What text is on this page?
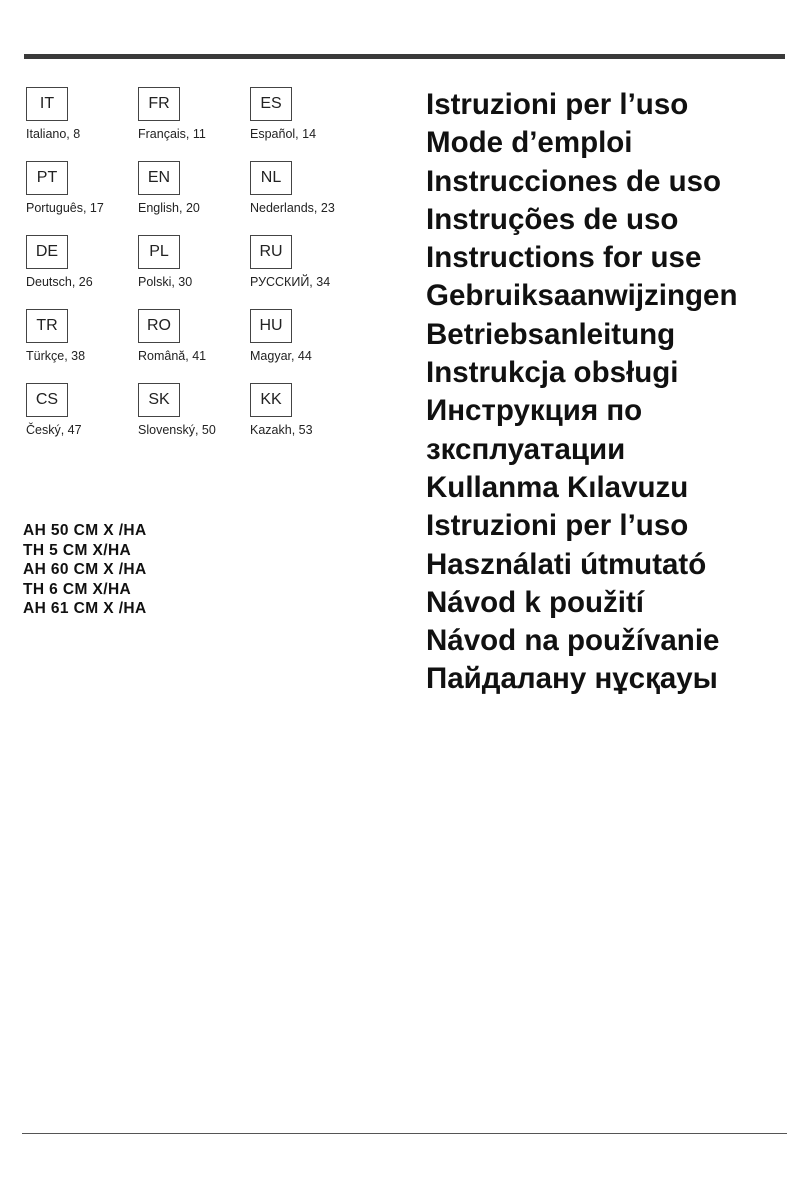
IT
Italiano, 8
FR
Français, 11
ES
Español, 14
PT
Português, 17
EN
English, 20
NL
Nederlands, 23
DE
Deutsch, 26
PL
Polski, 30
RU
РУССКИЙ, 34
TR
Türkçe, 38
RO
Română, 41
HU
Magyar, 44
CS
Český, 47
SK
Slovenský, 50
KK
Kazakh, 53
AH 50 CM X /HA
TH 5 CM X/HA
AH 60 CM X /HA
TH 6 CM X/HA
AH 61 CM X /HA
Istruzioni per l’uso
Mode d’emploi
Instrucciones de uso
Instruções de uso
Instructions for use
Gebruiksaanwijzingen
Betriebsanleitung
Instrukcja obsługi
Инструкция по
зксплуатации
Kullanma Kılavuzu
Istruzioni per l’uso
Használati útmutató
Návod k použití
Návod na používanie
Пайдалану нұсқауы
